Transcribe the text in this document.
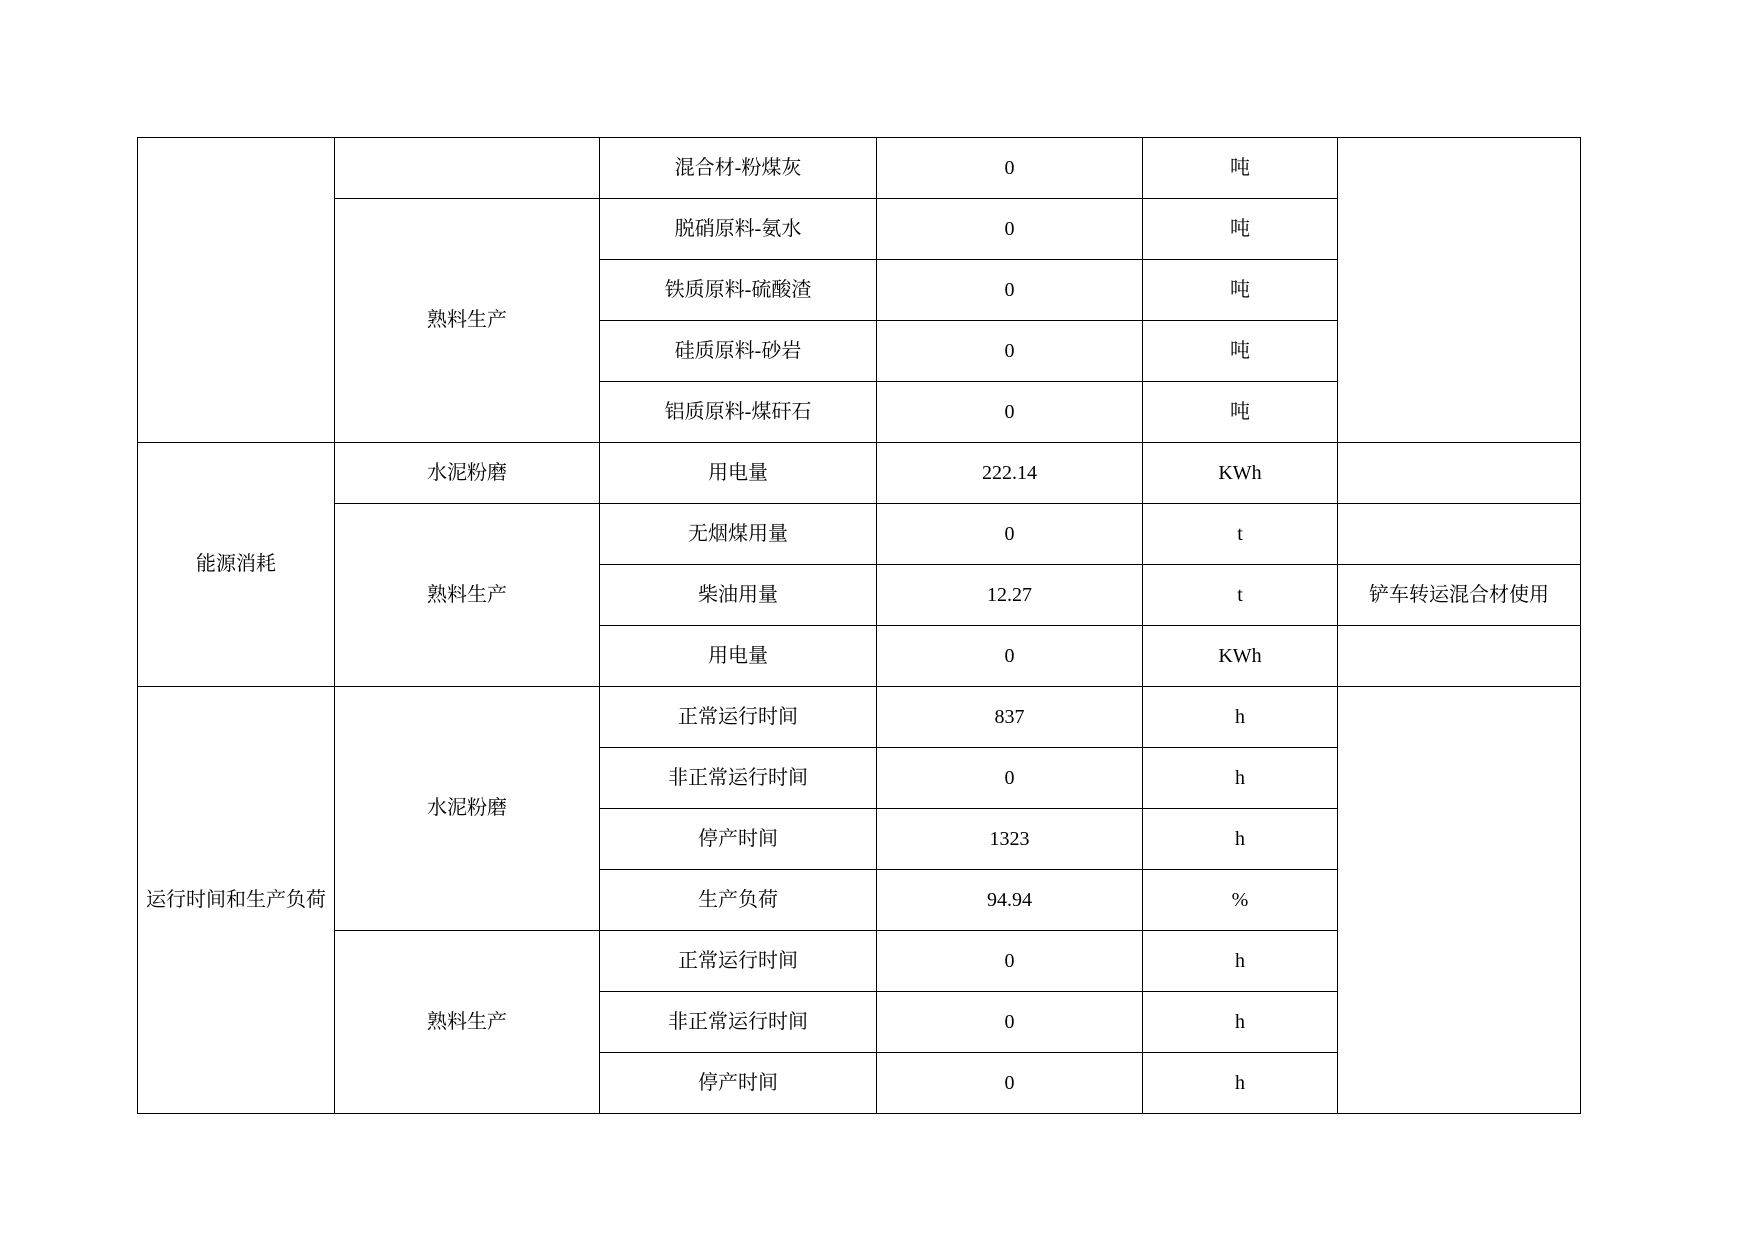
		混合材-粉煤灰	0	吨	
	熟料生产	脱硝原料-氨水	0	吨	
		铁质原料-硫酸渣	0	吨	
		硅质原料-砂岩	0	吨	
		铝质原料-煤矸石	0	吨	
能源消耗	水泥粉磨	用电量	222.14	KWh	
	熟料生产	无烟煤用量	0	t	
		柴油用量	12.27	t	铲车转运混合材使用
		用电量	0	KWh	
运行时间和生产负荷	水泥粉磨	正常运行时间	837	h	
		非正常运行时间	0	h	
		停产时间	1323	h	
		生产负荷	94.94	%	
	熟料生产	正常运行时间	0	h	
		非正常运行时间	0	h	
		停产时间	0	h	
